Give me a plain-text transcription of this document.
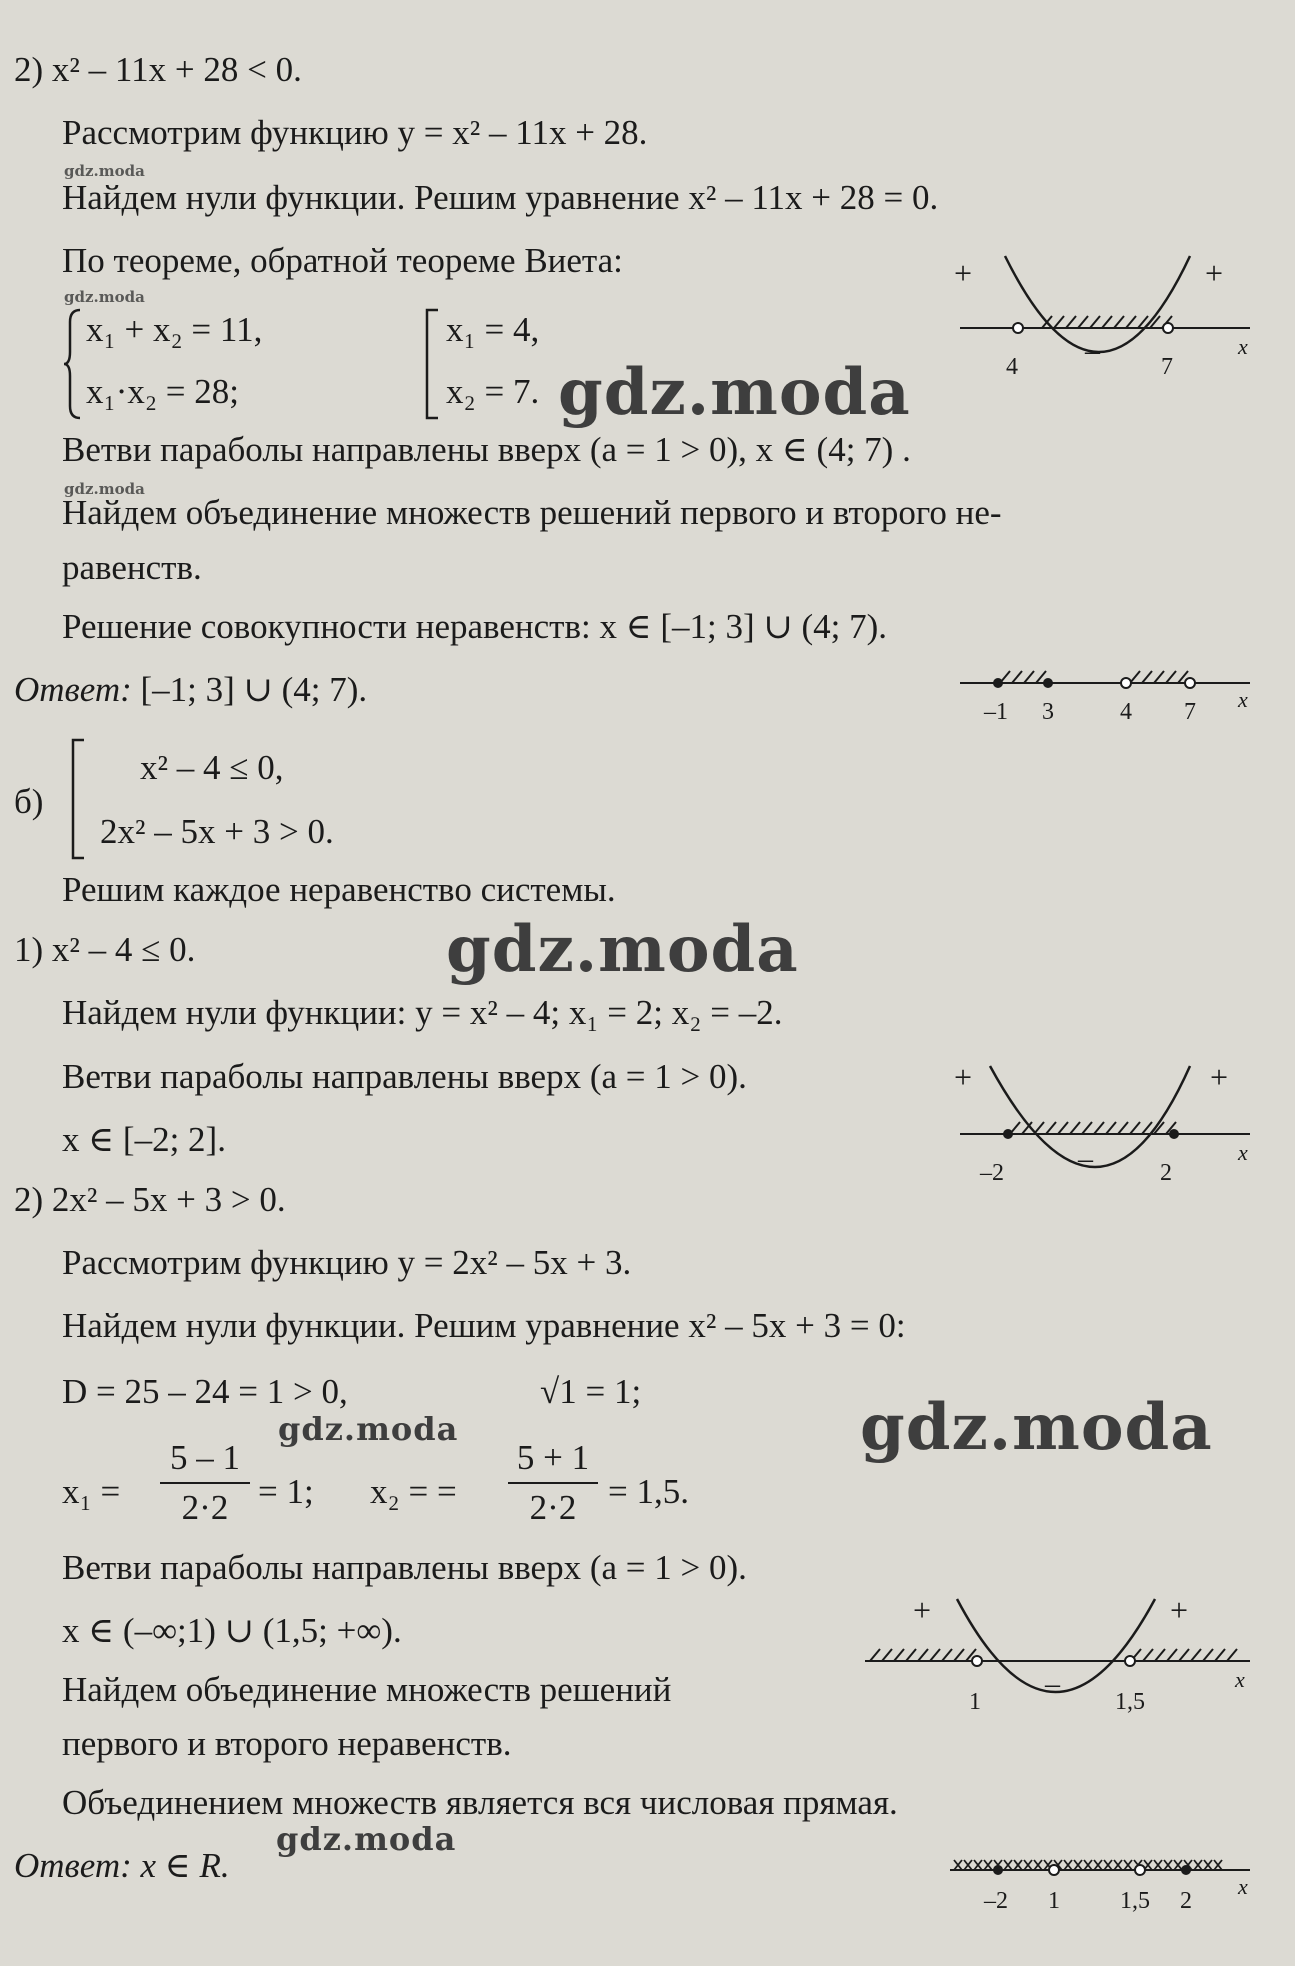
2) x² – 11x + 28 < 0.
Рассмотрим функцию y = x² – 11x + 28.
gdz.moda
Найдем нули функции. Решим уравнение x² – 11x + 28 = 0.
По теореме, обратной теореме Виета:
gdz.moda
x₁ + x₂ = 11,
x₁·x₂ = 28;
x₁ = 4,
x₂ = 7. gdz.moda
+	+
–	x
4	7
Ветви параболы направлены вверх (a = 1 > 0), x ∈ (4; 7) .
gdz.moda
Найдем объединение множеств решений первого и второго не-
равенств.
Решение совокупности неравенств: x ∈ [–1; 3] ∪ (4; 7).
Ответ: [–1; 3] ∪ (4; 7).	x
–1 3	4 7
б)
x² – 4 ≤ 0,
2x² – 5x + 3 > 0.
Решим каждое неравенство системы.
gdz.moda
1) x² – 4 ≤ 0.
Найдем нули функции: y = x² – 4; x₁ = 2; x₂ = –2.
Ветви параболы направлены вверх (a = 1 > 0).
x ∈ [–2; 2].
+	+
–	x
–2	2
2) 2x² – 5x + 3 > 0.
Рассмотрим функцию y = 2x² – 5x + 3.
Найдем нули функции. Решим уравнение x² – 5x + 3 = 0:
D = 25 – 24 = 1 > 0,	√1 = 1;
gdz.moda	gdz.moda
x₁ =
5 – 1
2·2 = 1; x₂ = =
5 + 1
2·2 = 1,5.
Ветви параболы направлены вверх (a = 1 > 0).
x ∈ (–∞;1) ∪ (1,5; +∞).
+	+
–	x
1	1,5
Найдем объединение множеств решений
первого и второго неравенств.
Объединением множеств является вся числовая прямая.
gdz.moda
Ответ: x ∈ R.
x
–2 1	1,5 2
